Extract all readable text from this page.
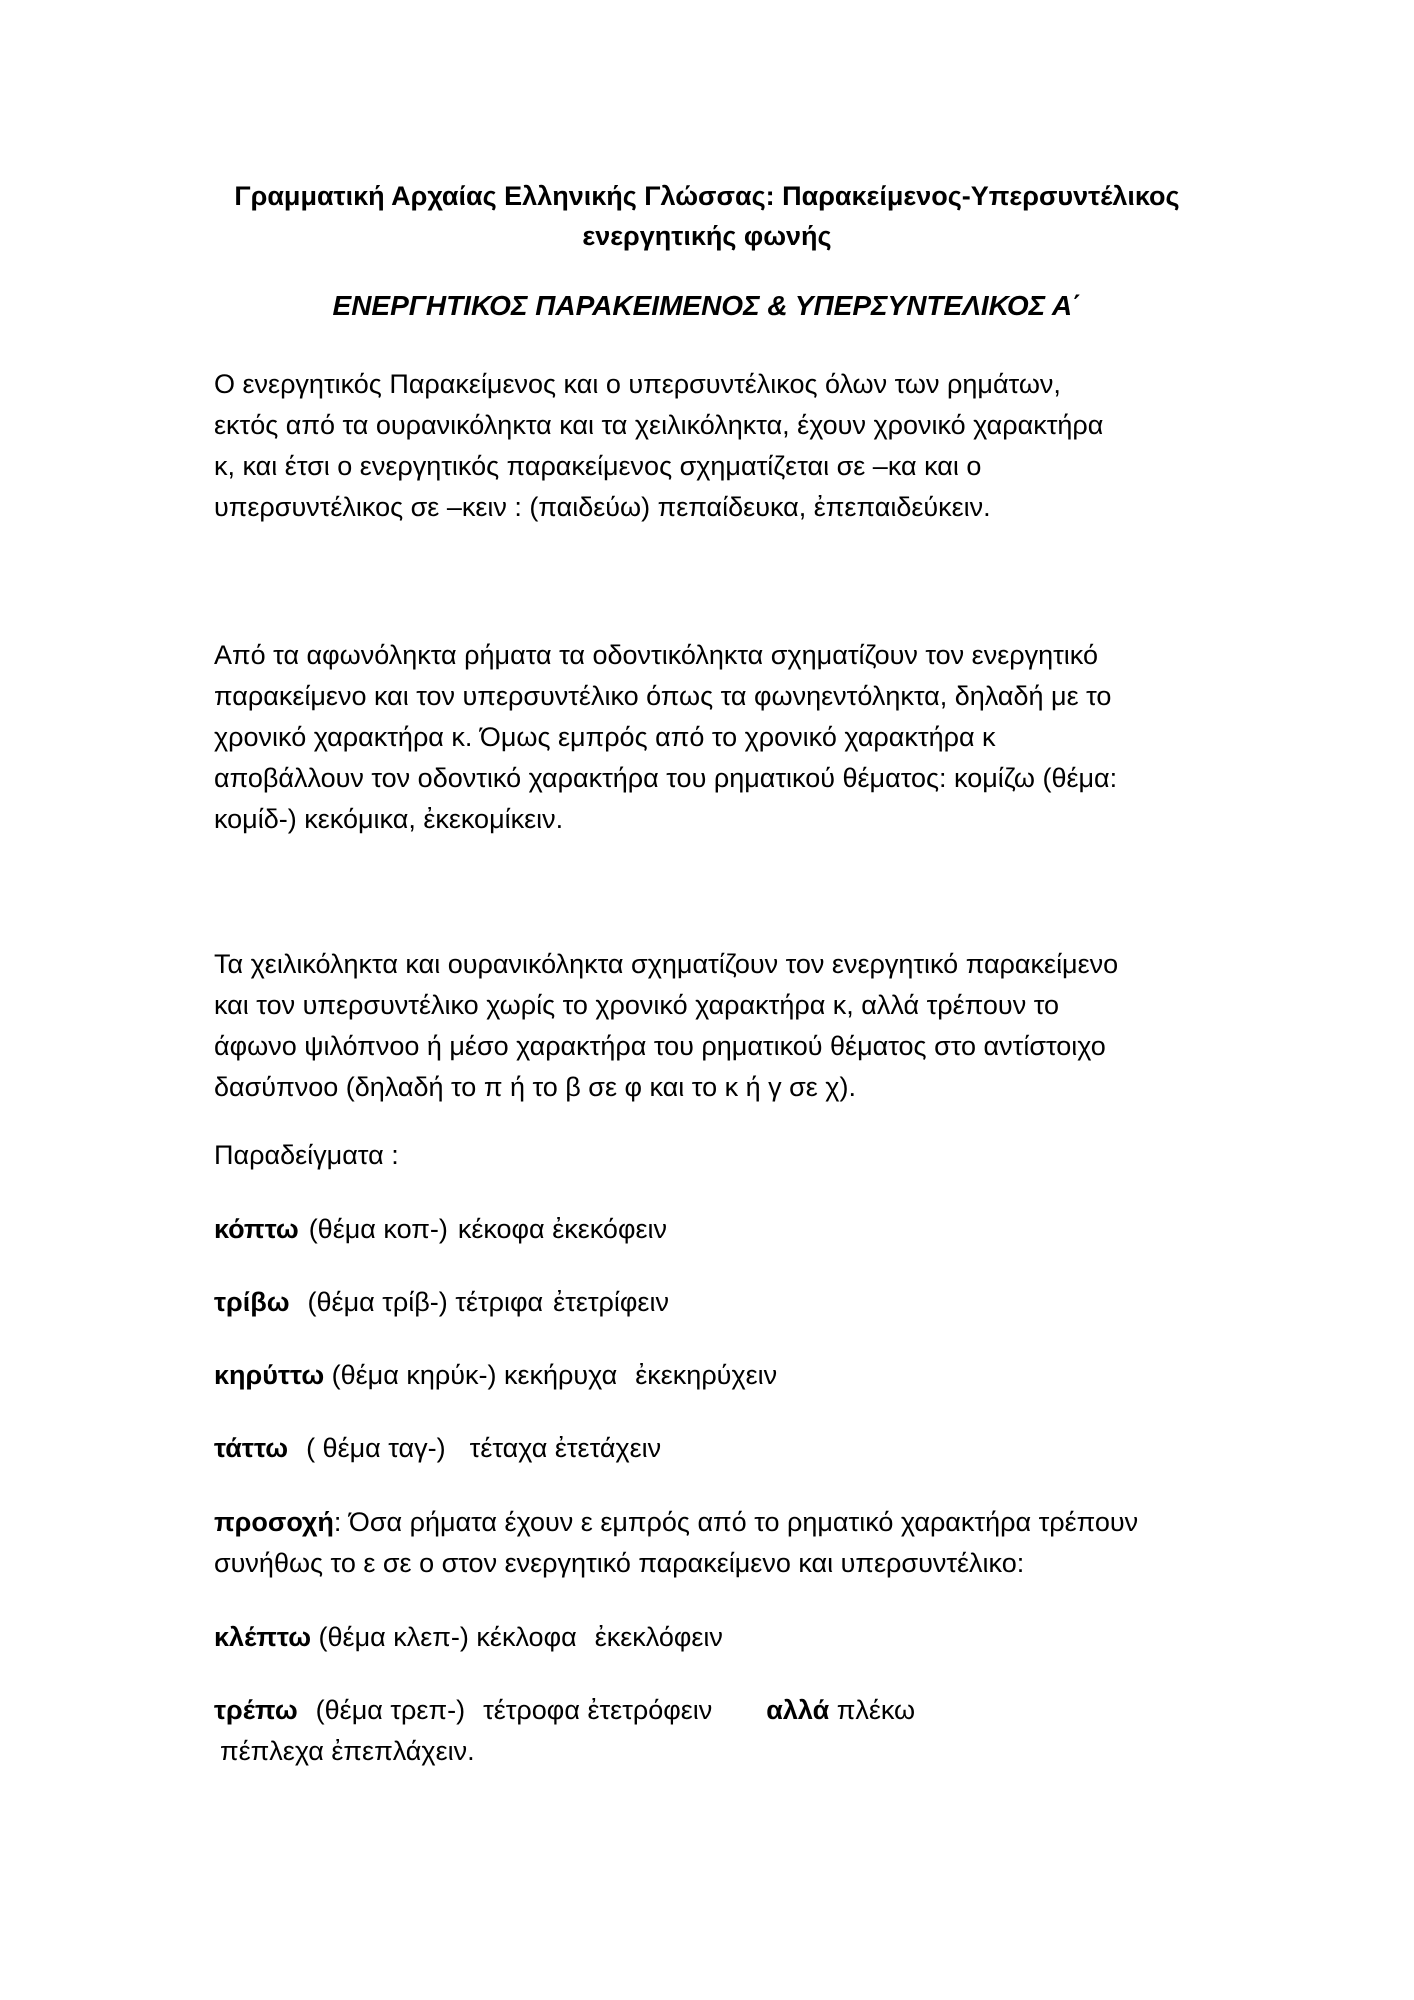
Γραμματική Αρχαίας Ελληνικής Γλώσσας: Παρακείμενος-Υπερσυντέλικος
ενεργητικής φωνής
ΕΝΕΡΓΗΤΙΚΟΣ ΠΑΡΑΚΕΙΜΕΝΟΣ & ΥΠΕΡΣΥΝΤΕΛΙΚΟΣ Α΄
Ο ενεργητικός Παρακείμενος και ο υπερσυντέλικος όλων των ρημάτων,
εκτός από τα ουρανικόληκτα και τα χειλικόληκτα, έχουν χρονικό χαρακτήρα
κ, και έτσι ο ενεργητικός παρακείμενος σχηματίζεται σε –κα και ο
υπερσυντέλικος σε –κειν : (παιδεύω) πεπαίδευκα, ἐπεπαιδεύκειν.
Από τα αφωνόληκτα ρήματα τα οδοντικόληκτα σχηματίζουν τον ενεργητικό
παρακείμενο και τον υπερσυντέλικο όπως τα φωνηεντόληκτα, δηλαδή με το
χρονικό χαρακτήρα κ. Όμως εμπρός από το χρονικό χαρακτήρα κ
αποβάλλουν τον οδοντικό χαρακτήρα του ρηματικού θέματος: κομίζω (θέμα:
κομίδ-) κεκόμικα, ἐκεκομίκειν.
Τα χειλικόληκτα και ουρανικόληκτα σχηματίζουν τον ενεργητικό παρακείμενο
και τον υπερσυντέλικο χωρίς το χρονικό χαρακτήρα κ, αλλά τρέπουν το
άφωνο ψιλόπνοο ή μέσο χαρακτήρα του ρηματικού θέματος στο αντίστοιχο
δασύπνοο (δηλαδή το π ή το β σε φ και το κ ή γ σε χ).
Παραδείγματα :
κόπτω (θέμα κοπ-) κέκοφα ἐκεκόφειν
τρίβω (θέμα τρίβ-) τέτριφα ἐτετρίφειν
κηρύττω (θέμα κηρύκ-) κεκήρυχα ἐκεκηρύχειν
τάττω ( θέμα ταγ-) τέταχα ἐτετάχειν
προσοχή: Όσα ρήματα έχουν ε εμπρός από το ρηματικό χαρακτήρα τρέπουν
συνήθως το ε σε ο στον ενεργητικό παρακείμενο και υπερσυντέλικο:
κλέπτω (θέμα κλεπ-) κέκλοφα ἐκεκλόφειν
τρέπω (θέμα τρεπ-) τέτροφα ἐτετρόφειν αλλά πλέκω
πέπλεχα ἐπεπλάχειν.
